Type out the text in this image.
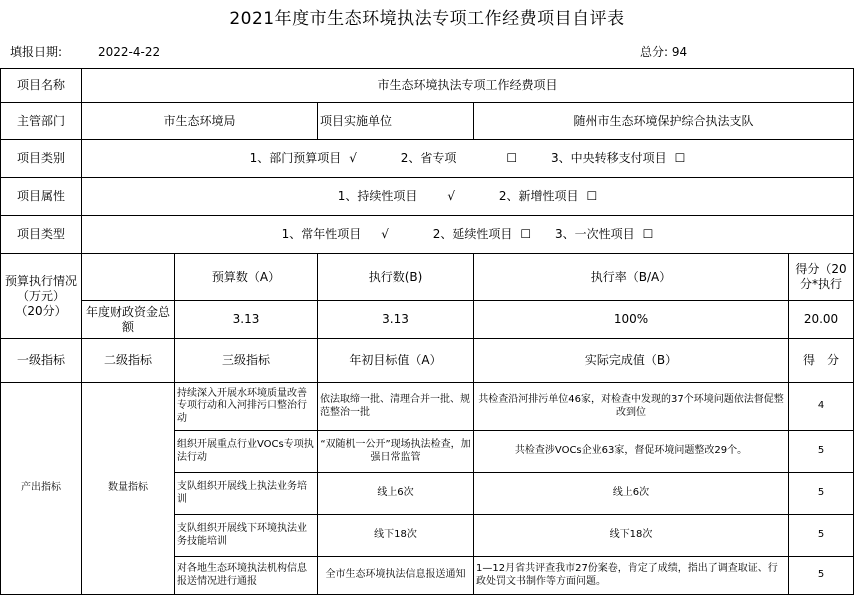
2021年度市生态环境执法专项工作经费项目自评表
填报日期:	2022-4-22	总分: 94
项目名称	市生态环境执法专项工作经费项目				
主管部门	市生态环境局		项目实施单位	随州市生态环境保护综合执法支队	
项目类别	1、部门预算项目 √ 2、省专项 ☐ 3、中央转移支付项目 ☐				
项目属性	1、持续性项目 √ 2、新增性项目 ☐				
项目类型	1、常年性项目 √ 2、延续性项目 ☐ 3、一次性项目 ☐				
预算执行情况
（万元）
（20分）		预算数（A）	执行数(B)	执行率（B/A）	得分（20分*执行
	年度财政资金总额	3.13	3.13	100%	20.00
一级指标	二级指标	三级指标	年初目标值（A）	实际完成值（B）	得　分
产出指标	数量指标	持续深入开展水环境质量改善专项行动和入河排污口整治行动	依法取缔一批、清理合并一批、规范整治一批	共检查沿河排污单位46家，对检查中发现的37个环境问题依法督促整改到位	4
		组织开展重点行业VOCs专项执法行动	“双随机一公开”现场执法检查，加强日常监管	共检查涉VOCs企业63家，督促环境问题整改29个。	5
		支队组织开展线上执法业务培训	线上6次	线上6次	5
		支队组织开展线下环境执法业务技能培训	线下18次	线下18次	5
		对各地生态环境执法机构信息报送情况进行通报	全市生态环境执法信息报送通知	1—12月省共评查我市27份案卷，肯定了成绩，指出了调查取证、行政处罚文书制作等方面问题。	5
